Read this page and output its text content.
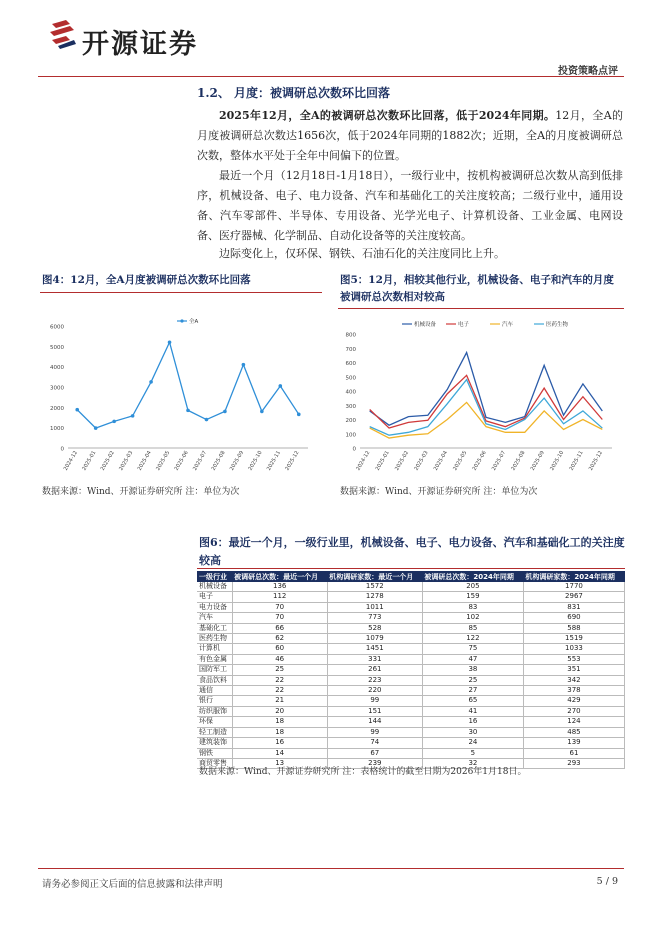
开源证券
投资策略点评
1.2、 月度：被调研总次数环比回落
2025年12月，全A的被调研总次数环比回落，低于2024年同期。12月，全A的月度被调研总次数达1656次，低于2024年同期的1882次；近期，全A的月度被调研总次数，整体水平处于全年中间偏下的位置。
最近一个月（12月18日-1月18日），一级行业中，按机构被调研总次数从高到低排序，机械设备、电子、电力设备、汽车和基础化工的关注度较高；二级行业中，通用设备、汽车零部件、半导体、专用设备、光学光电子、计算机设备、工业金属、电网设备、医疗器械、化学制品、自动化设备等的关注度较高。
边际变化上，仅环保、钢铁、石油石化的关注度同比上升。
图4：12月，全A月度被调研总次数环比回落
0
1000
2000
3000
4000
5000
6000
2024-12 2025-01 2025-02 2025-03 2025-04 2025-05 2025-06 2025-07 2025-08 2025-09 2025-10 2025-11 2025-12
全A
数据来源：Wind、开源证券研究所 注：单位为次
图5：12月，相较其他行业，机械设备、电子和汽车的月度被调研总次数相对较高
0
100
200
300
400
500
600
700
800
2024-12 2025-01 2025-02 2025-03 2025-04 2025-05 2025-06 2025-07 2025-08 2025-09 2025-10 2025-11 2025-12
机械设备	电子	汽车	医药生物
数据来源：Wind、开源证券研究所 注：单位为次
图6：最近一个月，一级行业里，机械设备、电子、电力设备、汽车和基础化工的关注度较高
一级行业	被调研总次数：最近一个月	机构调研家数：最近一个月	被调研总次数：2024年同期	机构调研家数：2024年同期
机械设备	136	1572	205	1770
电子	112	1278	159	2967
电力设备	70	1011	83	831
汽车	70	773	102	690
基础化工	66	528	85	588
医药生物	62	1079	122	1519
计算机	60	1451	75	1033
有色金属	46	331	47	553
国防军工	25	261	38	351
食品饮料	22	223	25	342
通信	22	220	27	378
银行	21	99	65	429
纺织服饰	20	151	41	270
环保	18	144	16	124
轻工制造	18	99	30	485
建筑装饰	16	74	24	139
钢铁	14	67	5	61
商贸零售	13	239	32	293
数据来源：Wind、开源证券研究所 注：表格统计的截至日期为2026年1月18日。
请务必参阅正文后面的信息披露和法律声明	5 / 9
